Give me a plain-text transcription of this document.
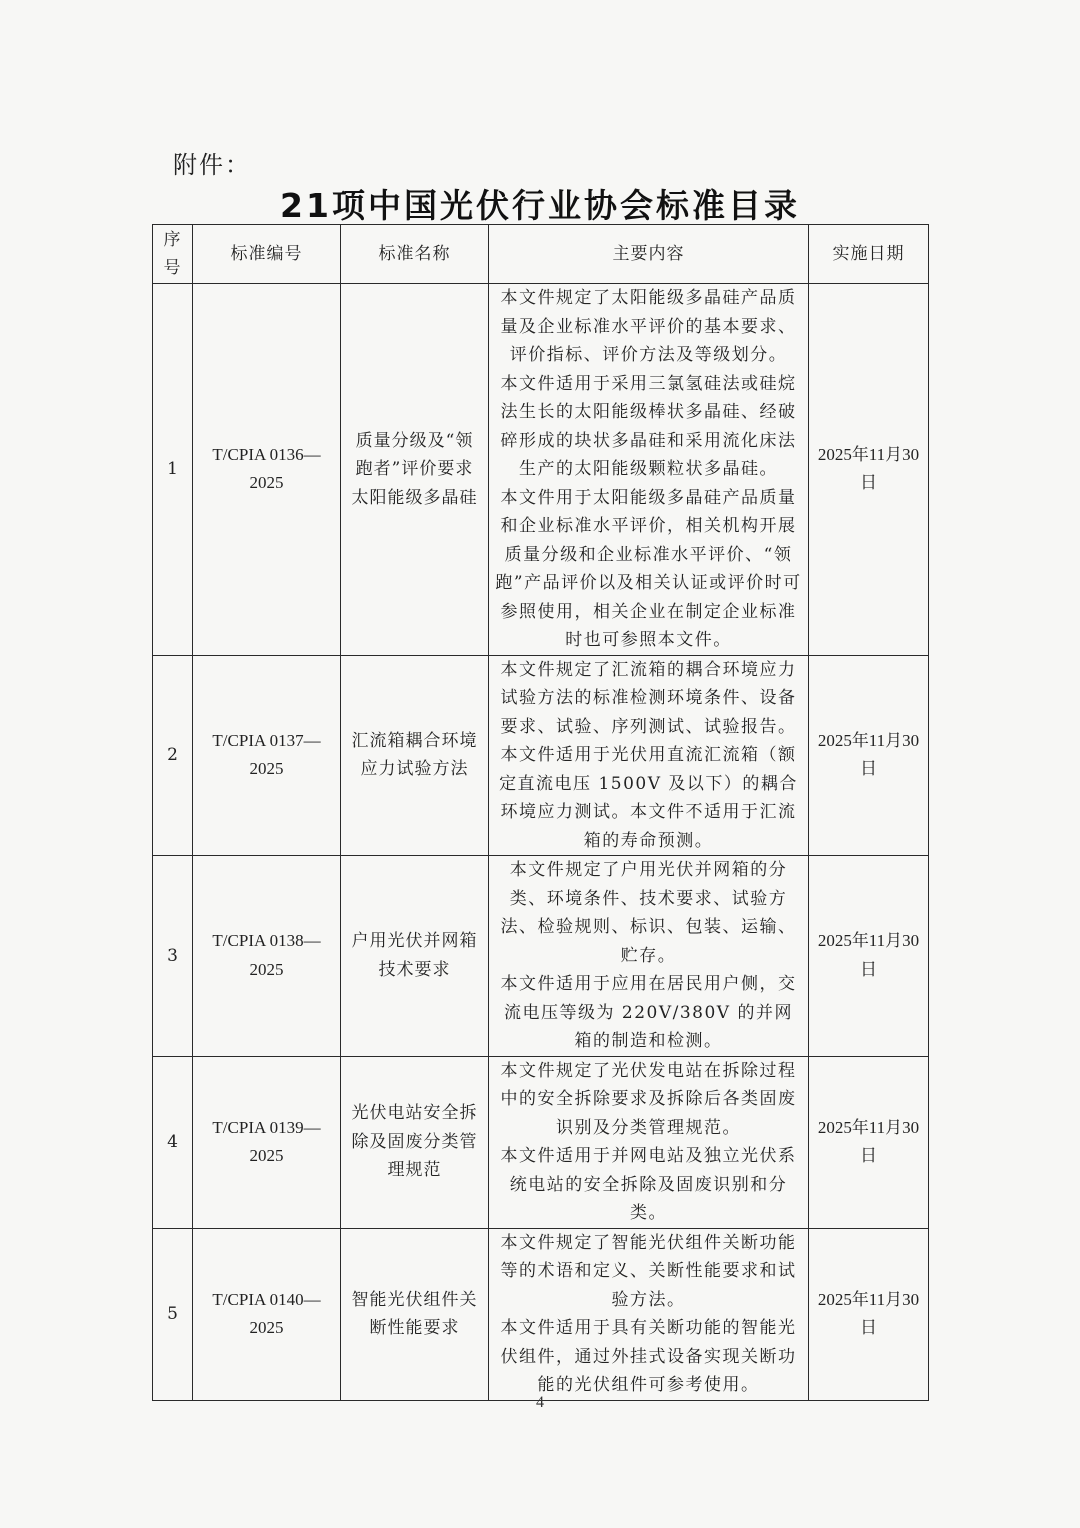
附件：
21项中国光伏行业协会标准目录
序号	标准编号	标准名称	主要内容	实施日期
1	T/CPIA 0136—2025	质量分级及“领跑者”评价要求 太阳能级多晶硅	本文件规定了太阳能级多晶硅产品质量及企业标准水平评价的基本要求、评价指标、评价方法及等级划分。
本文件适用于采用三氯氢硅法或硅烷法生长的太阳能级棒状多晶硅、经破碎形成的块状多晶硅和采用流化床法生产的太阳能级颗粒状多晶硅。
本文件用于太阳能级多晶硅产品质量和企业标准水平评价，相关机构开展质量分级和企业标准水平评价、“领跑”产品评价以及相关认证或评价时可参照使用，相关企业在制定企业标准时也可参照本文件。	2025年11月30日
2	T/CPIA 0137—2025	汇流箱耦合环境应力试验方法	本文件规定了汇流箱的耦合环境应力试验方法的标准检测环境条件、设备要求、试验、序列测试、试验报告。
本文件适用于光伏用直流汇流箱（额定直流电压 1500V 及以下）的耦合环境应力测试。本文件不适用于汇流箱的寿命预测。	2025年11月30日
3	T/CPIA 0138—2025	户用光伏并网箱技术要求	本文件规定了户用光伏并网箱的分类、环境条件、技术要求、试验方法、检验规则、标识、包装、运输、贮存。
本文件适用于应用在居民用户侧，交流电压等级为 220V/380V 的并网箱的制造和检测。	2025年11月30日
4	T/CPIA 0139—2025	光伏电站安全拆除及固废分类管理规范	本文件规定了光伏发电站在拆除过程中的安全拆除要求及拆除后各类固废识别及分类管理规范。
本文件适用于并网电站及独立光伏系统电站的安全拆除及固废识别和分类。	2025年11月30日
5	T/CPIA 0140—2025	智能光伏组件关断性能要求	本文件规定了智能光伏组件关断功能等的术语和定义、关断性能要求和试验方法。
本文件适用于具有关断功能的智能光伏组件，通过外挂式设备实现关断功能的光伏组件可参考使用。	2025年11月30日
4
